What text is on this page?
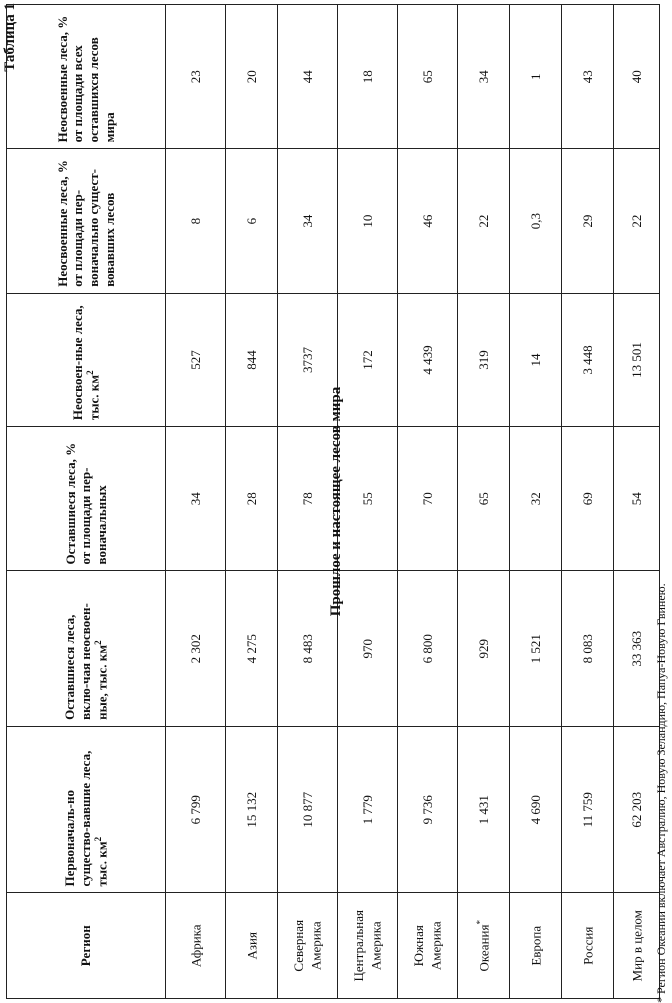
Таблица 1
Регион	Первоначаль-но существо-вавшие леса, тыс. $км^2$	Оставшиеся леса, вклю-чая неосвоен-ные, тыс. $км^2$	Оставшиеся леса, % от площади пер-воначальных	Неосвоен-ные леса, тыс. $км^2$	Неосвоенные леса, % от площади пер-воначально сущест-вовавших лесов	Неосвоенные леса, % от площади всех оставшихся лесов мира
Африка	6 799	2 302	34	527	8	23
Азия	15 132	4 275	28	844	6	20
Северная Америка	10 877	8 483	78	3737	34	44
Центральная Америка	1 779	970	55	172	10	18
Южная Америка	9 736	6 800	70	4 439	46	65
Океания*	1 431	929	65	319	22	34
Европа	4 690	1 521	32	14	0,3	1
Россия	11 759	8 083	69	3 448	29	43
Мир в целом	62 203	33 363	54	13 501	22	40
Прошлое и настоящее лесов мира
* Регион Океании включает Австралию, Новую Зеландию, Папуа-Новую Гвинею.
